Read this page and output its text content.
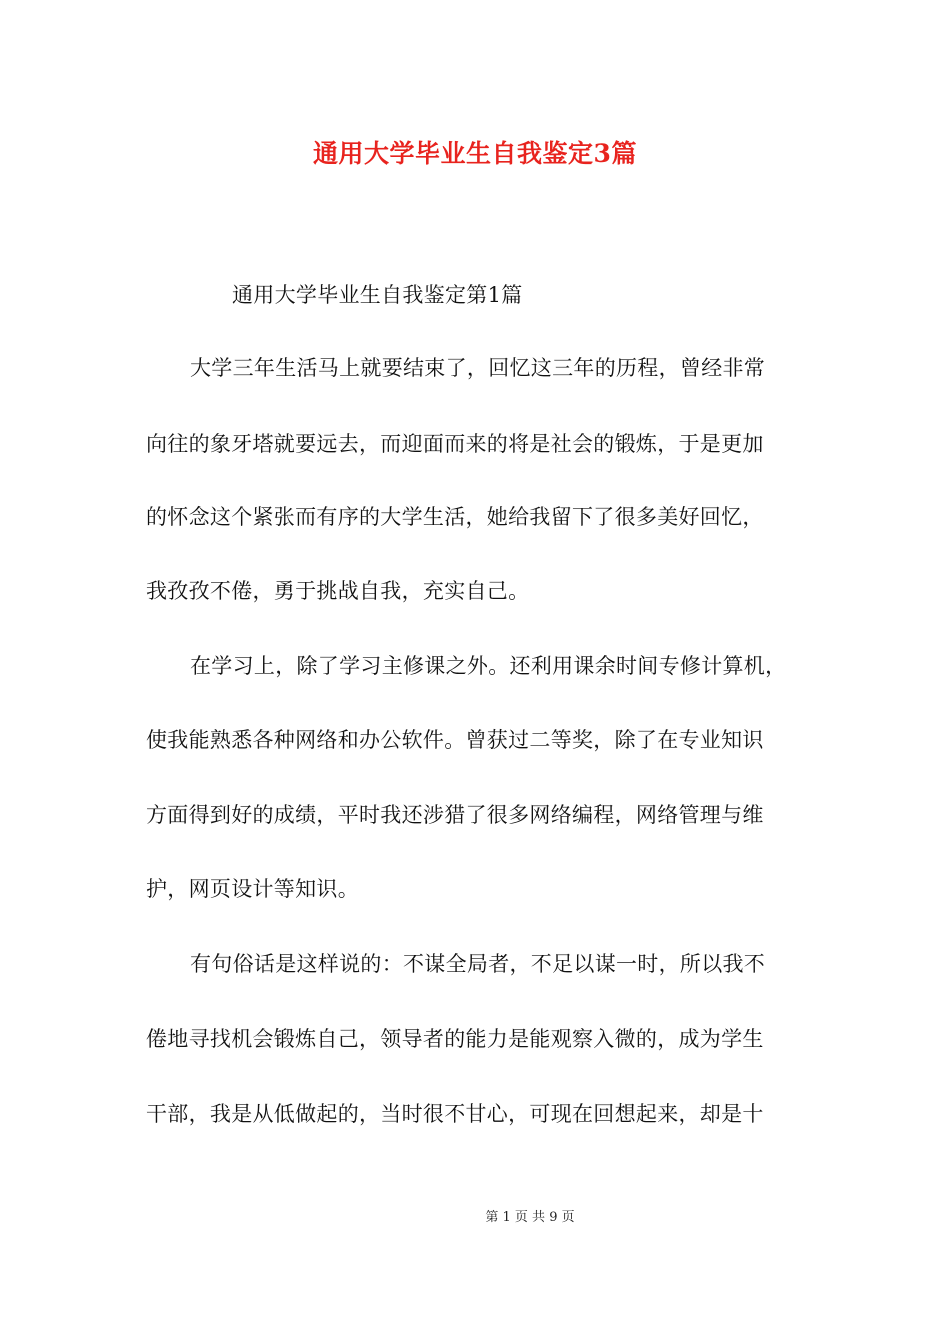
通用大学毕业生自我鉴定3篇
通用大学毕业生自我鉴定第1篇
大学三年生活马上就要结束了，回忆这三年的历程，曾经非常
向往的象牙塔就要远去，而迎面而来的将是社会的锻炼，于是更加
的怀念这个紧张而有序的大学生活，她给我留下了很多美好回忆，
我孜孜不倦，勇于挑战自我，充实自己。
在学习上，除了学习主修课之外。还利用课余时间专修计算机，
使我能熟悉各种网络和办公软件。曾获过二等奖，除了在专业知识
方面得到好的成绩，平时我还涉猎了很多网络编程，网络管理与维
护，网页设计等知识。
有句俗话是这样说的：不谋全局者，不足以谋一时，所以我不
倦地寻找机会锻炼自己，领导者的能力是能观察入微的，成为学生
干部，我是从低做起的，当时很不甘心，可现在回想起来，却是十
第 1 页 共 9 页
